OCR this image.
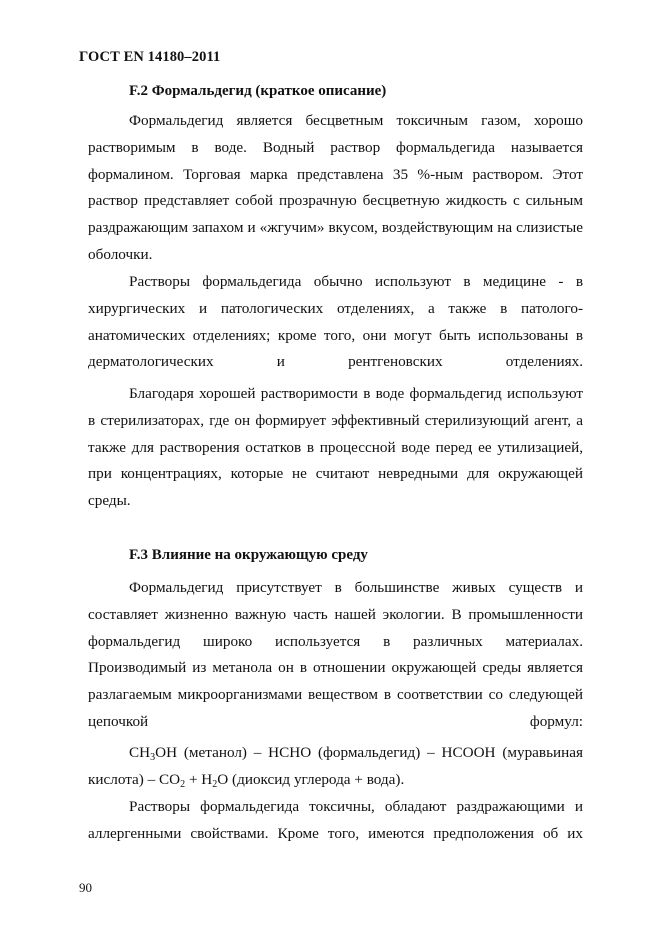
ГОСТ EN 14180–2011
F.2 Формальдегид (краткое описание)
Формальдегид является бесцветным токсичным газом, хорошо растворимым в воде. Водный раствор формальдегида называется формалином. Торговая марка представлена 35 %-ным раствором. Этот раствор представляет собой прозрачную бесцветную жидкость с сильным раздражающим запахом и «жгучим» вкусом, воздействующим на слизистые оболочки.
Растворы формальдегида обычно используют в медицине - в хирургических и патологических отделениях, а также в патолого-анатомических отделениях; кроме того, они могут быть использованы в дерматологических и рентгеновских отделениях.
Благодаря хорошей растворимости в воде формальдегид используют в стерилизаторах, где он формирует эффективный стерилизующий агент, а также для растворения остатков в процессной воде перед ее утилизацией, при концентрациях, которые не считают невредными для окружающей среды.
F.3 Влияние на окружающую среду
Формальдегид присутствует в большинстве живых существ и составляет жизненно важную часть нашей экологии. В промышленности формальдегид широко используется в различных материалах. Производимый из метанола он в отношении окружающей среды является разлагаемым микроорганизмами веществом в соответствии со следующей цепочкой формул:
$CH_3OH$ (метанол) – HCHO (формальдегид) – HCOOH (муравьиная кислота) – $CO_2 + H_2O$ (диоксид углерода + вода).
Растворы формальдегида токсичны, обладают раздражающими и аллергенными свойствами. Кроме того, имеются предположения об их
90
